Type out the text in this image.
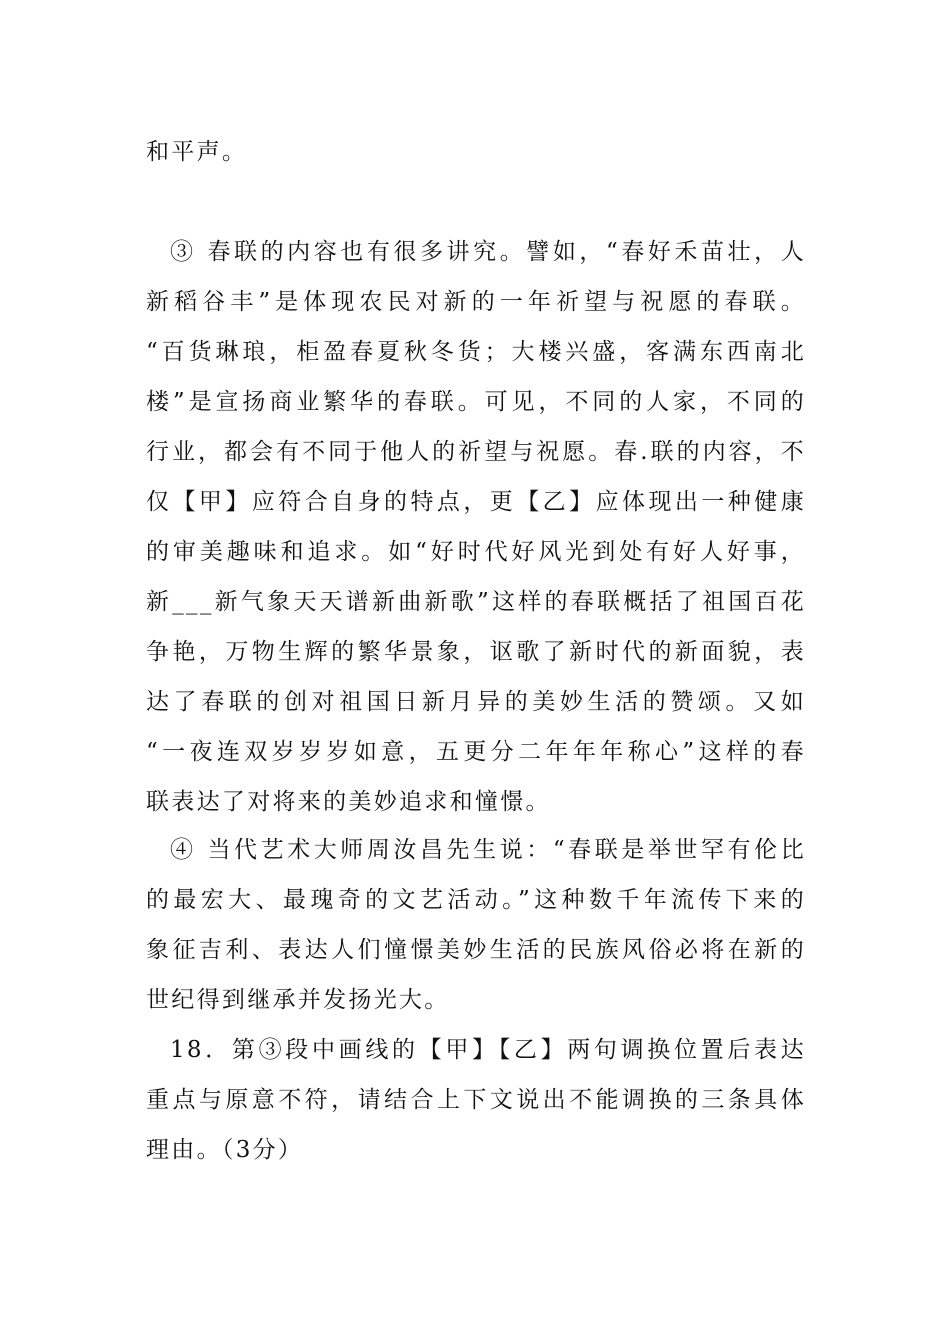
和平声。
③ 春联的内容也有很多讲究。譬如，“春好禾苗壮，人
新稻谷丰”是体现农民对新的一年祈望与祝愿的春联。
“百货琳琅，柜盈春夏秋冬货；大楼兴盛，客满东西南北
楼”是宣扬商业繁华的春联。可见，不同的人家，不同的
行业，都会有不同于他人的祈望与祝愿。春.联的内容，不
仅【甲】应符合自身的特点，更【乙】应体现出一种健康
的审美趣味和追求。如“好时代好风光到处有好人好事，
新___新气象天天谱新曲新歌”这样的春联概括了祖国百花
争艳，万物生辉的繁华景象，讴歌了新时代的新面貌，表
达了春联的创对祖国日新月异的美妙生活的赞颂。又如
“一夜连双岁岁岁如意，五更分二年年年称心”这样的春
联表达了对将来的美妙追求和憧憬。
④ 当代艺术大师周汝昌先生说：“春联是举世罕有伦比
的最宏大、最瑰奇的文艺活动。”这种数千年流传下来的
象征吉利、表达人们憧憬美妙生活的民族风俗必将在新的
世纪得到继承并发扬光大。
18．第③段中画线的【甲】【乙】两句调换位置后表达
重点与原意不符，请结合上下文说出不能调换的三条具体
理由。（3分）
